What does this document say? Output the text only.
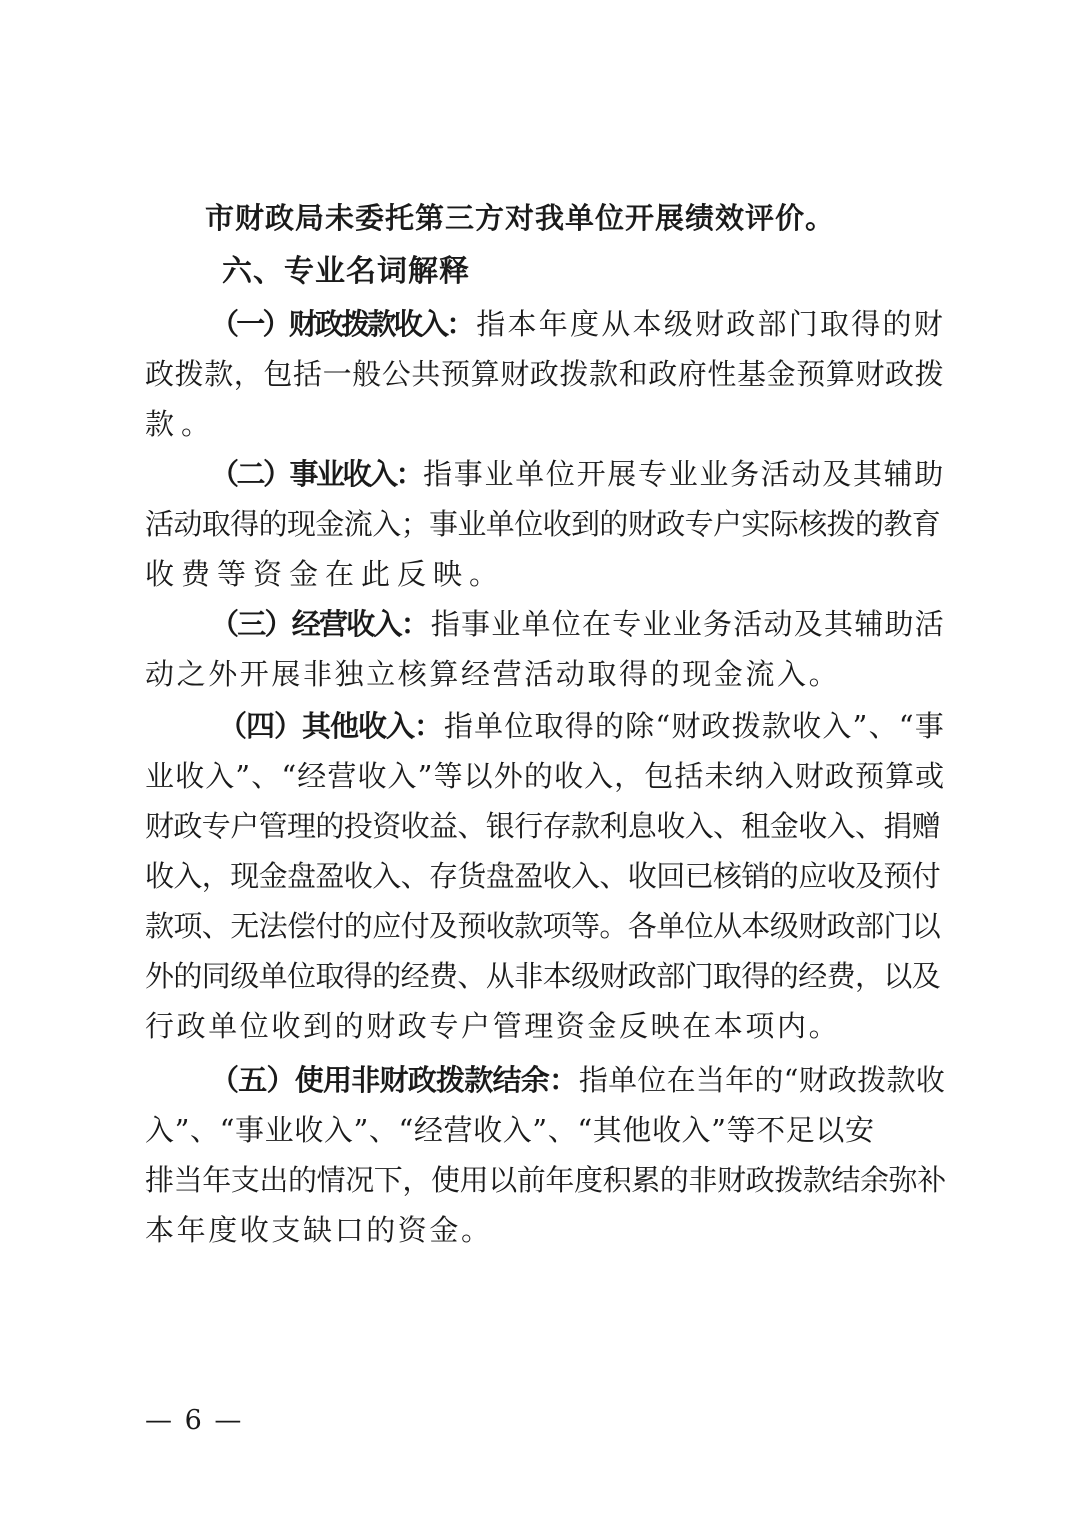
市财政局未委托第三方对我单位开展绩效评价。
六、专业名词解释
（一）财政拨款收入： 指本年度从本级财政部门取得的财
政拨款，包括一般公共预算财政拨款和政府性基金预算财政拨
款。
（二）事业收入： 指事业单位开展专业业务活动及其辅助
活动取得的现金流入；事业单位收到的财政专户实际核拨的教育
收费等资金在此反映。
（三）经营收入： 指事业单位在专业业务活动及其辅助活
动之外开展非独立核算经营活动取得的现金流入。
（四）其他收入： 指单位取得的除“财政拨款收入”、“事
业收入”、“经营收入”等以外的收入，包括未纳入财政预算或
财政专户管理的投资收益、银行存款利息收入、租金收入、捐赠
收入，现金盘盈收入、存货盘盈收入、收回已核销的应收及预付
款项、无法偿付的应付及预收款项等。各单位从本级财政部门以
外的同级单位取得的经费、从非本级财政部门取得的经费，以及
行政单位收到的财政专户管理资金反映在本项内。
（五）使用非财政拨款结余： 指单位在当年的“财政拨款收
入”、“事业收入”、“经营收入”、“其他收入”等不足以安
排当年支出的情况下，使用以前年度积累的非财政拨款结余弥补
本年度收支缺口的资金。
— 6 —
